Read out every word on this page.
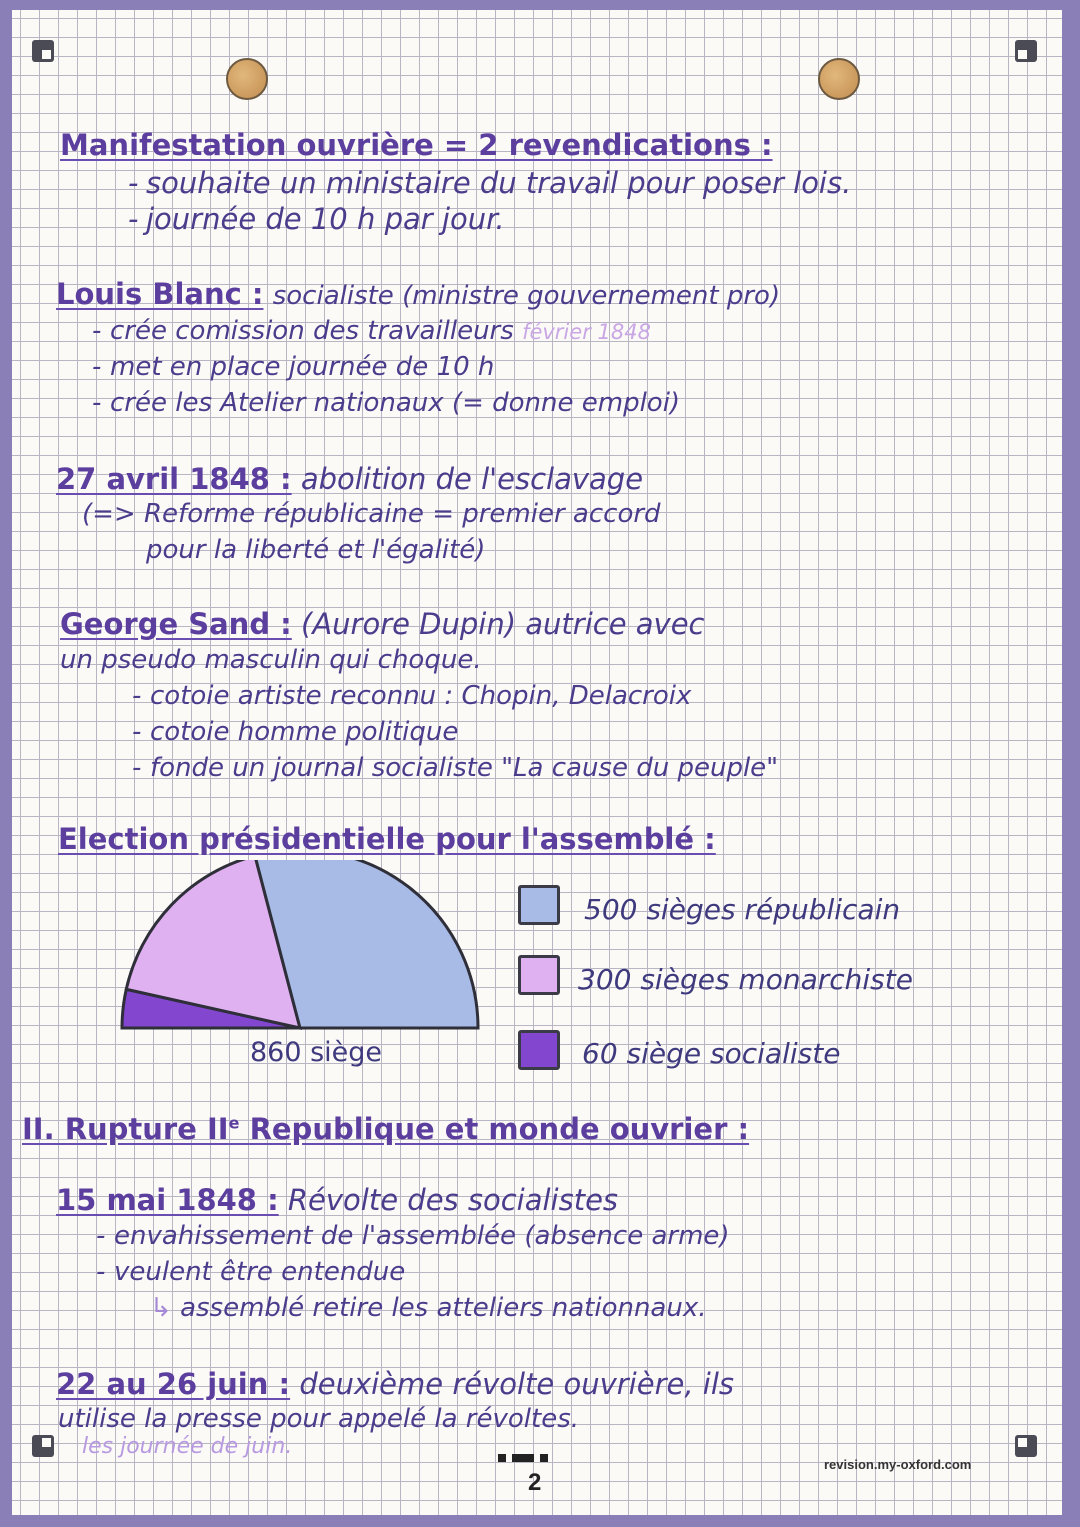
Manifestation ouvrière = 2 revendications :
- souhaite un ministaire du travail pour poser lois.
- journée de 10 h par jour.
Louis Blanc : socialiste (ministre gouvernement pro)
- crée comission des travailleurs février 1848
- met en place journée de 10 h
- crée les Atelier nationaux (= donne emploi)
27 avril 1848 : abolition de l'esclavage
(=> Reforme républicaine = premier accord
pour la liberté et l'égalité)
George Sand : (Aurore Dupin) autrice avec
un pseudo masculin qui choque.
- cotoie artiste reconnu : Chopin, Delacroix
- cotoie homme politique
- fonde un journal socialiste "La cause du peuple"
Election présidentielle pour l'assemblé :
860 siège
500 sièges républicain
300 sièges monarchiste
60 siège socialiste
II. Rupture IIe Republique et monde ouvrier :
15 mai 1848 : Révolte des socialistes
- envahissement de l'assemblée (absence arme)
- veulent être entendue
↳ assemblé retire les atteliers nationnaux.
22 au 26 juin : deuxième révolte ouvrière, ils
utilise la presse pour appelé la révoltes.
les journée de juin.
2
revision.my-oxford.com
